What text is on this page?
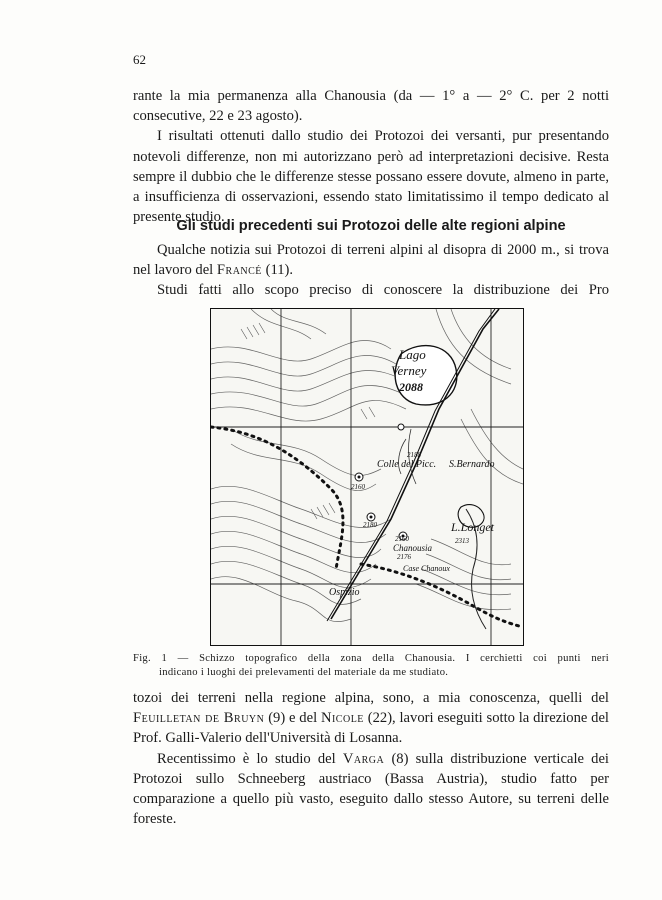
62

rante la mia permanenza alla Chanousia (da — 1° a — 2° C. per 2 notti

consecutive, 22 e 23 agosto).

I risultati ottenuti dallo studio dei Protozoi dei versanti, pur presentando notevoli differenze, non mi autorizzano però ad interpretazioni decisive. Resta sempre il dubbio che le differenze stesse possano essere dovute, almeno in parte, a insufficienza di osservazioni, essendo stato limitatissimo il tempo dedicato al presente studio.

Gli studi precedenti sui Protozoi delle alte regioni alpine

Qualche notizia sui Protozoi di terreni alpini al disopra di 2000 m., si trova nel lavoro del Francé (11).

Studi fatti allo scopo preciso di conoscere la distribuzione dei Pro

Lago
Verney
2088
2188
Colle del Picc. S.Bernardo
2160
2180
2160
Chanousia
2176
Case Chanoux
L.Longet
2313
Ospizio
Fig. 1 — Schizzo topografico della zona della Chanousia. I cerchietti coi punti neri
indicano i luoghi dei prelevamenti del materiale da me studiato.

tozoi dei terreni nella regione alpina, sono, a mia conoscenza, quelli del Feuilletan de Bruyn (9) e del Nicole (22), lavori eseguiti sotto la direzione del Prof. Galli-Valerio dell'Università di Losanna.

Recentissimo è lo studio del Varga (8) sulla distribuzione verticale dei Protozoi sullo Schneeberg austriaco (Bassa Austria), studio fatto per comparazione a quello più vasto, eseguito dallo stesso Autore, su terreni delle foreste.
